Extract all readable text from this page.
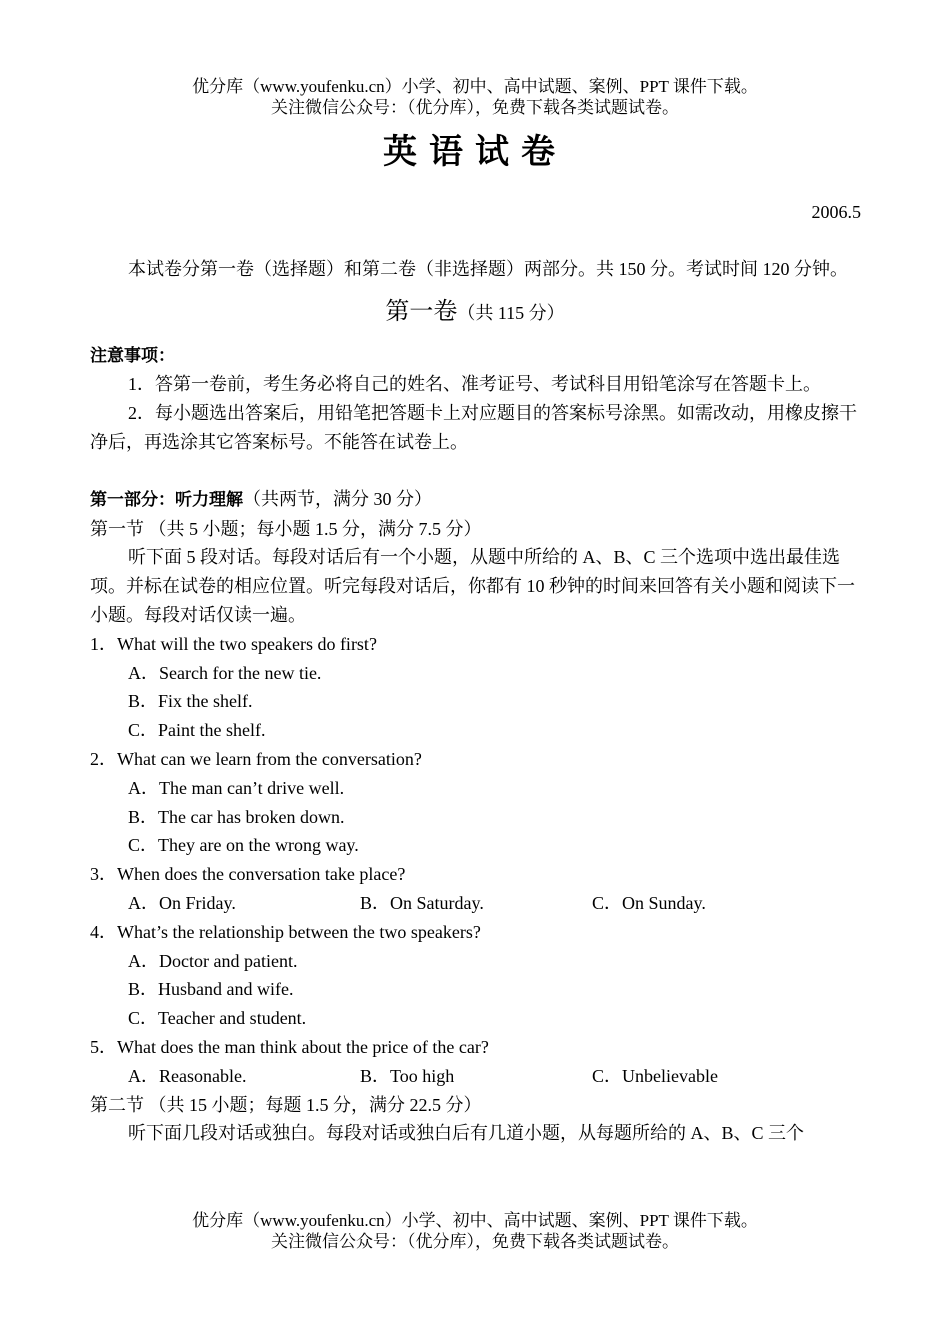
优分库（www.youfenku.cn）小学、初中、高中试题、案例、PPT 课件下载。
关注微信公众号：（优分库），免费下载各类试题试卷。
英语试卷
2006.5

本试卷分第一卷（选择题）和第二卷（非选择题）两部分。共 150 分。考试时间 120 分钟。

第一卷（共 115 分）

注意事项：

1．答第一卷前，考生务必将自己的姓名、准考证号、考试科目用铅笔涂写在答题卡上。

2．每小题选出答案后，用铅笔把答题卡上对应题目的答案标号涂黑。如需改动，用橡皮擦干净后，再选涂其它答案标号。不能答在试卷上。

第一部分：听力理解（共两节，满分 30 分）

第一节 （共 5 小题；每小题 1.5 分，满分 7.5 分）

听下面 5 段对话。每段对话后有一个小题，从题中所给的 A、B、C 三个选项中选出最佳选项。并标在试卷的相应位置。听完每段对话后，你都有 10 秒钟的时间来回答有关小题和阅读下一小题。每段对话仅读一遍。

1．What will the two speakers do first?

A．Search for the new tie.

B．Fix the shelf.

C．Paint the shelf.

2．What can we learn from the conversation?

A．The man can’t drive well.

B．The car has broken down.

C．They are on the wrong way.

3．When does the conversation take place?

A．On Friday.	B．On Saturday.	C．On Sunday.

4．What’s the relationship between the two speakers?

A．Doctor and patient.

B．Husband and wife.

C．Teacher and student.

5．What does the man think about the price of the car?

A．Reasonable.	B．Too high	C．Unbelievable

第二节 （共 15 小题；每题 1.5 分，满分 22.5 分）

听下面几段对话或独白。每段对话或独白后有几道小题，从每题所给的 A、B、C 三个

优分库（www.youfenku.cn）小学、初中、高中试题、案例、PPT 课件下载。
关注微信公众号：（优分库），免费下载各类试题试卷。
